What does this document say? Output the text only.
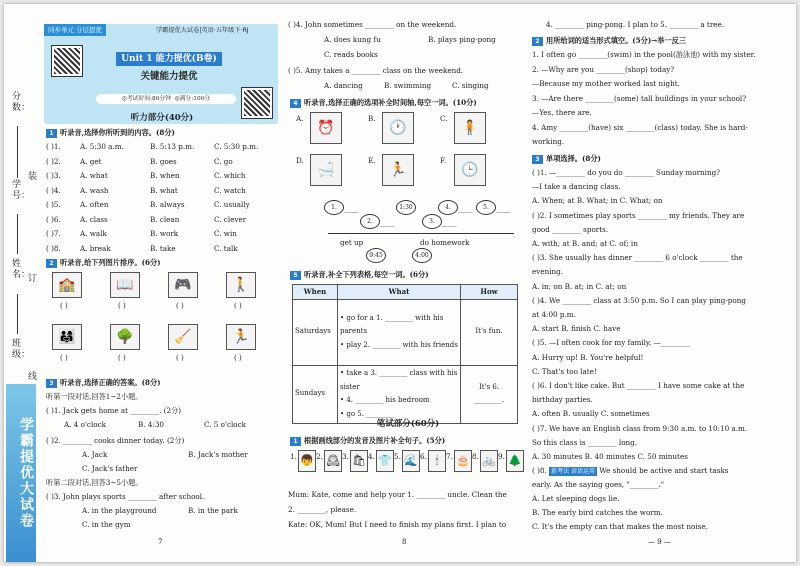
分数：
学号：
姓名：
班级：
装
订
线
学霸提优大试卷
同步单元 分层提优	学霸提优大试卷|英语·五年级下·RJ
Unit 1 能力提优(B卷)
关键能力提优
◎考试时间:80分钟 ◎满分:100分
听力部分(40分)
1 听录音,选择你所听到的内容。(8分)
( )1.	A. 5:30 a.m.	B. 5:13 p.m.	C. 5:30 p.m.
( )2.	A. get	B. goes	C. go
( )3.	A. what	B. when	C. which
( )4.	A. wash	B. what	C. watch
( )5.	A. often	B. always	C. usually
( )6.	A. class	B. clean	C. clever
( )7.	A. walk	B. work	C. win
( )8.	A. break	B. take	C. talk
2 听录音,给下列图片排序。(6分)
🏫
( )
📖
( )
🎮
( )
🚶
( )
👨‍👩‍👧
( )
🌳
( )
🧹
( )
🏃
( )
3 听录音,选择正确的答案。(8分)
听第一段对话,回答1~2小题。
( )1. Jack gets home at ________. (2分)
A. 4 o'clock	B. 4:30	C. 5 o'clock
( )2. ________ cooks dinner today. (2分)
A. Jack	B. Jack's mother
C. Jack's father
听第二段对话,回答3~5小题。
( )3. John plays sports ________ after school.
A. in the playground	B. in the park
C. in the gym
7
( )4. John sometimes ________ on the weekend.
A. does kung fu	B. plays ping-pong
C. reads books
( )5. Amy takes a ________ class on the weekend.
A. dancing	B. swimming	C. singing
4 听录音,选择正确的选项补全时间轴,每空一词。(10分)
A.
⏰
B.
🕐
C.
🧍
D.
🛁
E.
🏃
F.
🕒
1. ____
2. ____
1:30
3. ____
4. ____	5. ____
get up	do homework
9:45	4:00
5 听录音,补全下列表格,每空一词。(6分)
When	What	How
Saturdays	• go for a 1. ________ with his parents
• play 2. ________ with his friends	It's fun.
Sundays	• take a 3. ________ class with his sister
• 4. ________ his bedroom
• go 5. ________	It's 6. ________.
笔试部分(60分)
1 根据画线部分的发音及图片补全句子。(5分)
1. 👦 2. 🕰 3. 🛍 4. 👕 5. 🌊 6. 🕯	7. 🎂 8. 🚲 9. 🌲
Mum: Kate, come and help your 1. ________ uncle. Clean the
2. ________, please.
Kate: OK, Mum! But I need to finish my plans first. I plan to
8
4. ________ ping-pong. I plan to 5. ________ a tree.
2 用所给词的适当形式填空。(5分)→举一反三
1. I often go ________(swim) in the pool(游泳池) with my sister.
2. —Why are you ________(shop) today?
—Because my mother worked last night.
3. —Are there ________(some) tall buildings in your school?
—Yes, there are.
4. Amy ________(have) six ________(class) today. She is hard-
working.
3 单项选择。(8分)
( )1. —________ do you do ________ Sunday morning?
—I take a dancing class.
A. When; at B. What; in C. What; on
( )2. I sometimes play sports ________ my friends. They are
good ________ sports.
A. with; at B. and; at C. of; in
( )3. She usually has dinner ________ 6 o'clock ________ the
evening.
A. in; on B. at; in C. at; on
( )4. We ________ class at 3:50 p.m. So I can play ping-pong
at 4:00 p.m.
A. start B. finish C. have
( )5. —I often cook for my family. —________
A. Hurry up! B. You're helpful!
C. That's too late!
( )6. I don't like cake. But ________ I have some cake at the
birthday parties.
A. often B. usually C. sometimes
( )7. We have an English class from 9:30 a.m. to 10:10 a.m.
So this class is ________ long.
A. 30 minutes B. 40 minutes C. 50 minutes
( )8. 新考法 谚语运用 We should be active and start tasks
early. As the saying goes, "________."
A. Let sleeping dogs lie.
B. The early bird catches the worm.
C. It's the empty can that makes the most noise.
— 9 —
